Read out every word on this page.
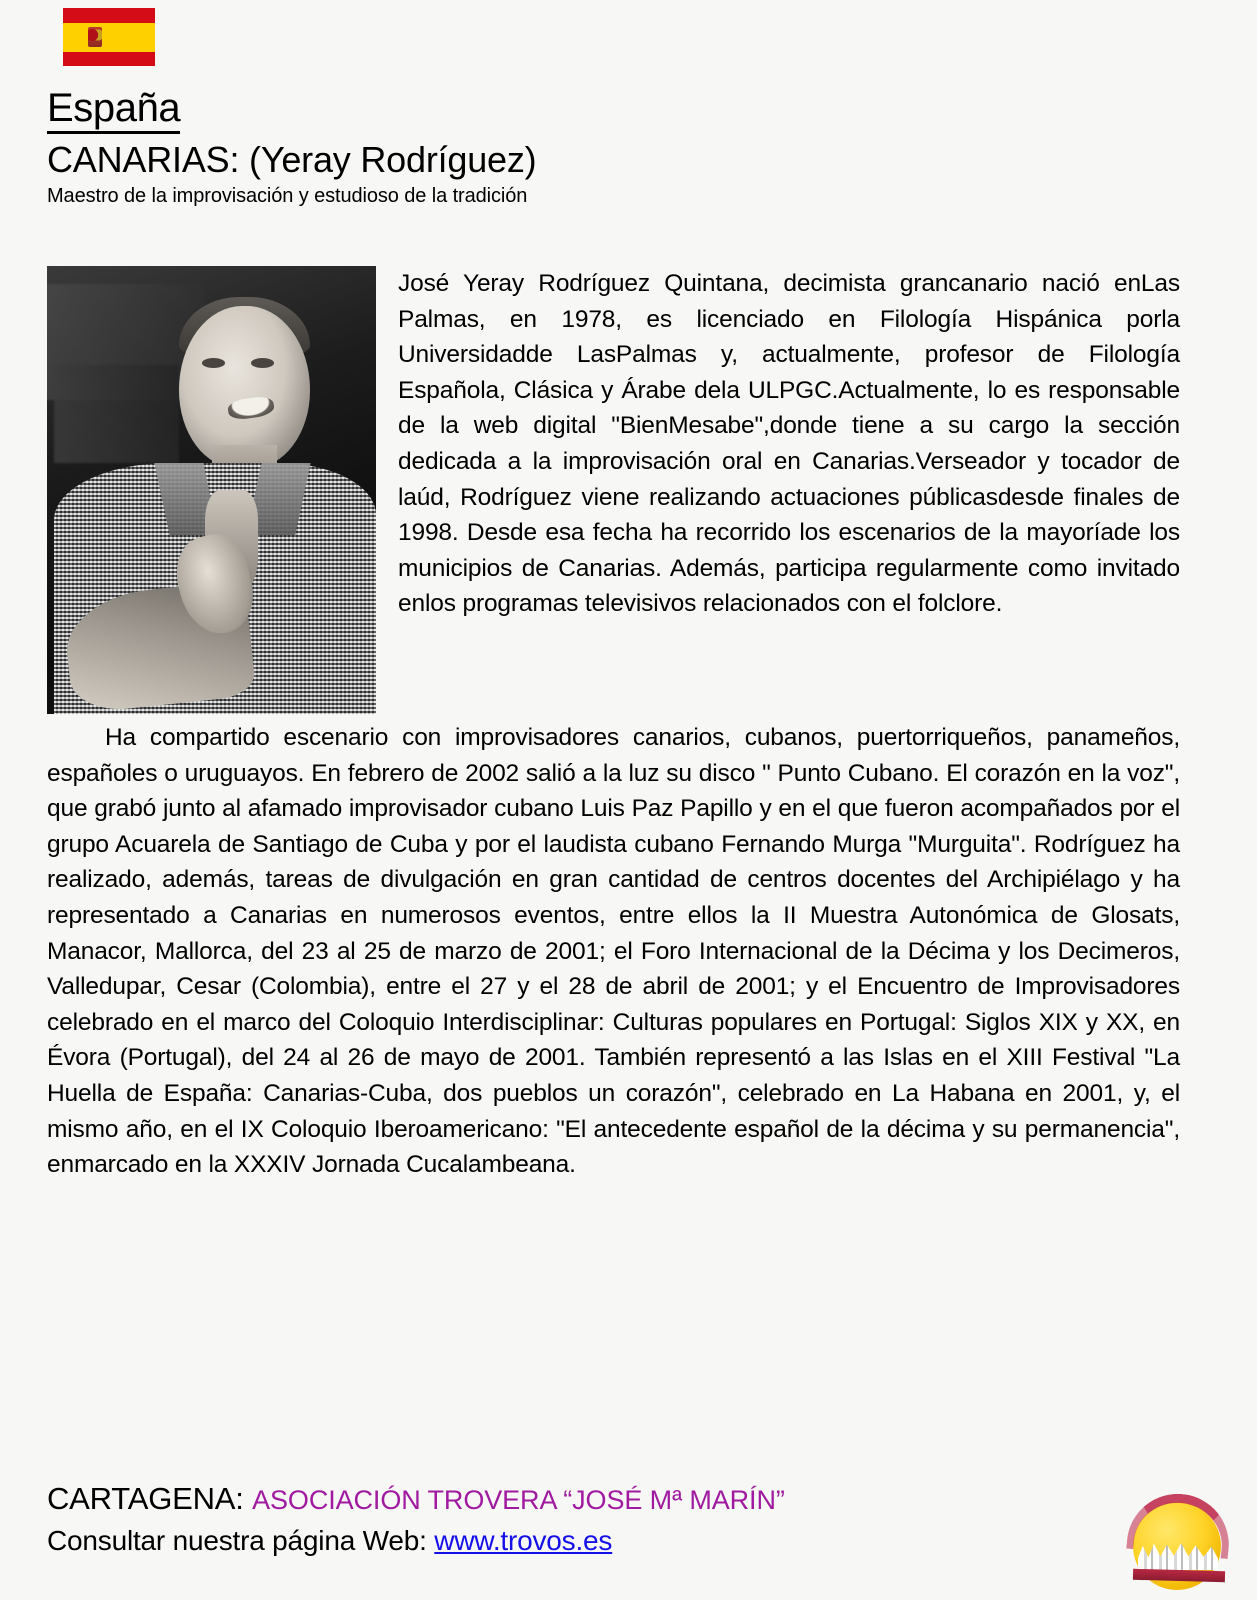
España
CANARIAS: (Yeray Rodríguez)
Maestro de la improvisación y estudioso de la tradición

José Yeray Rodríguez Quintana, decimista grancanario nació enLas Palmas, en 1978, es licenciado en Filología Hispánica porla Universidadde LasPalmas y, actualmente, profesor de Filología Española, Clásica y Árabe dela ULPGC.Actualmente, lo es responsable de la web digital "BienMesabe",donde tiene a su cargo la sección dedicada a la improvisación oral en Canarias.Verseador y tocador de laúd, Rodríguez viene realizando actuaciones públicasdesde finales de 1998. Desde esa fecha ha recorrido los escenarios de la mayoríade los municipios de Canarias. Además, participa regularmente como invitado enlos programas televisivos relacionados con el folclore.

Ha compartido escenario con improvisadores canarios, cubanos, puertorriqueños, panameños, españoles o uruguayos. En febrero de 2002 salió a la luz su disco " Punto Cubano. El corazón en la voz", que grabó junto al afamado improvisador cubano Luis Paz Papillo y en el que fueron acompañados por el grupo Acuarela de Santiago de Cuba y por el laudista cubano Fernando Murga "Murguita". Rodríguez ha realizado, además, tareas de divulgación en gran cantidad de centros docentes del Archipiélago y ha representado a Canarias en numerosos eventos, entre ellos la II Muestra Autonómica de Glosats, Manacor, Mallorca, del 23 al 25 de marzo de 2001; el Foro Internacional de la Décima y los Decimeros, Valledupar, Cesar (Colombia), entre el 27 y el 28 de abril de 2001; y el Encuentro de Improvisadores celebrado en el marco del Coloquio Interdisciplinar: Culturas populares en Portugal: Siglos XIX y XX, en Évora (Portugal), del 24 al 26 de mayo de 2001. También representó a las Islas en el XIII Festival "La Huella de España: Canarias-Cuba, dos pueblos un corazón", celebrado en La Habana en 2001, y, el mismo año, en el IX Coloquio Iberoamericano: "El antecedente español de la décima y su permanencia", enmarcado en la XXXIV Jornada Cucalambeana.

CARTAGENA: ASOCIACIÓN TROVERA “JOSÉ Mª MARÍN”
Consultar nuestra página Web: www.trovos.es
